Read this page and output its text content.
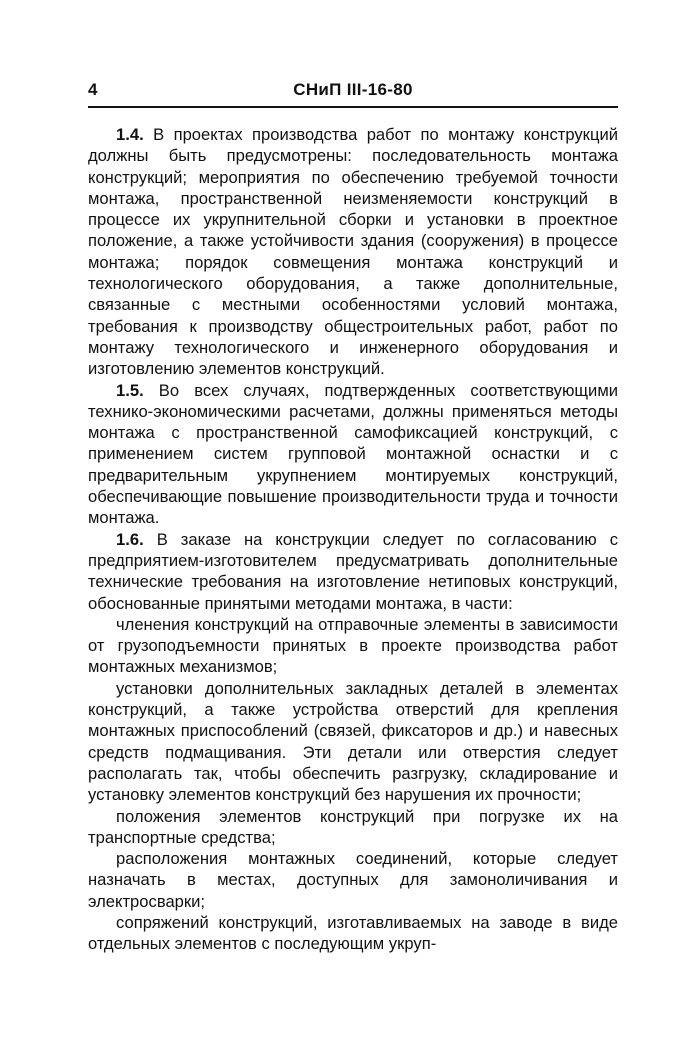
4	СНиП III-16-80

1.4. В проектах производства работ по монтажу конструкций должны быть предусмотрены: последовательность монтажа конструкций; мероприятия по обеспечению требуемой точности монтажа, пространственной неизменяемости конструкций в процессе их укрупнительной сборки и установки в проектное положение, а также устойчивости здания (сооружения) в процессе монтажа; порядок совмещения монтажа конструкций и технологического оборудования, а также дополнительные, связанные с местными особенностями условий монтажа, требования к производству общестроительных работ, работ по монтажу технологического и инженерного оборудования и изготовлению элементов конструкций.

1.5. Во всех случаях, подтвержденных соответствующими технико-экономическими расчетами, должны применяться методы монтажа с пространственной самофиксацией конструкций, с применением систем групповой монтажной оснастки и с предварительным укрупнением монтируемых конструкций, обеспечивающие повышение производительности труда и точности монтажа.

1.6. В заказе на конструкции следует по согласованию с предприятием-изготовителем предусматривать дополнительные технические требования на изготовление нетиповых конструкций, обоснованные принятыми методами монтажа, в части:

членения конструкций на отправочные элементы в зависимости от грузоподъемности принятых в проекте производства работ монтажных механизмов;

установки дополнительных закладных деталей в элементах конструкций, а также устройства отверстий для крепления монтажных приспособлений (связей, фиксаторов и др.) и навесных средств подмащивания. Эти детали или отверстия следует располагать так, чтобы обеспечить разгрузку, складирование и установку элементов конструкций без нарушения их прочности;

положения элементов конструкций при погрузке их на транспортные средства;

расположения монтажных соединений, которые следует назначать в местах, доступных для замоноличивания и электросварки;

сопряжений конструкций, изготавливаемых на заводе в виде отдельных элементов с последующим укруп-
